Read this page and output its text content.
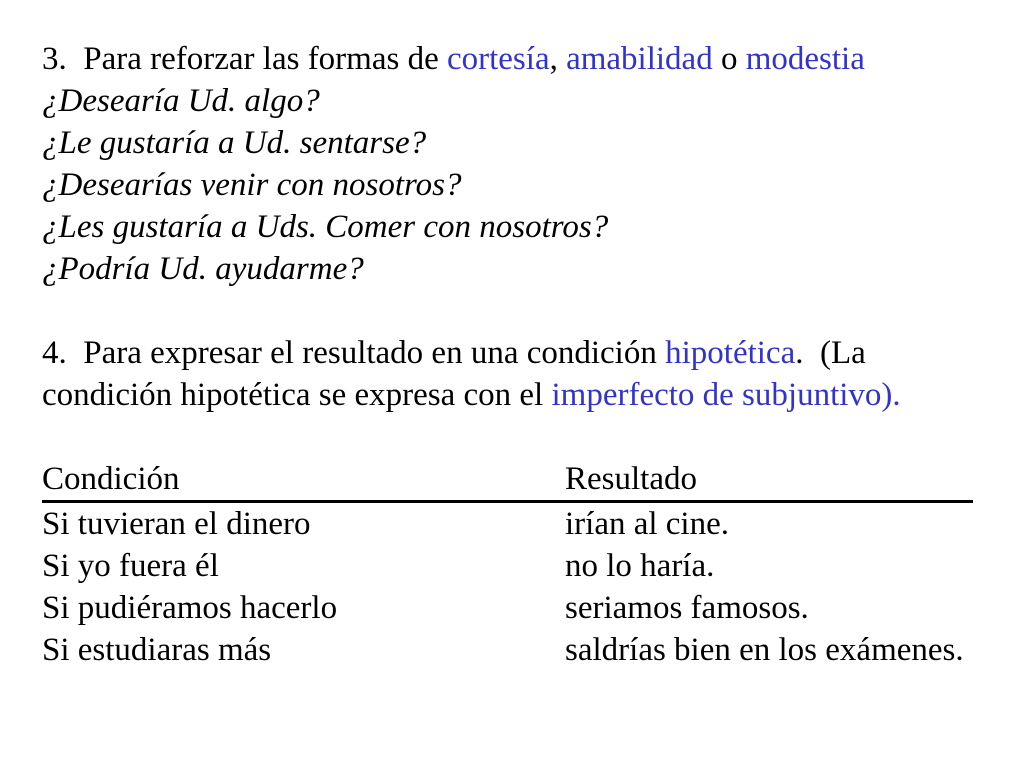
3.  Para reforzar las formas de cortesía, amabilidad o modestia

¿Desearía Ud. algo?

¿Le gustaría a Ud. sentarse?

¿Desearías venir con nosotros?

¿Les gustaría a Uds. Comer con nosotros?

¿Podría Ud. ayudarme?

4.  Para expresar el resultado en una condición hipotética.  (La

condición hipotética se expresa con el imperfecto de subjuntivo).

Condición	Resultado
Si tuvieran el dinero	irían al cine.
Si yo fuera él	no lo haría.
Si pudiéramos hacerlo	seriamos famosos.
Si estudiaras más	saldrías bien en los exámenes.
